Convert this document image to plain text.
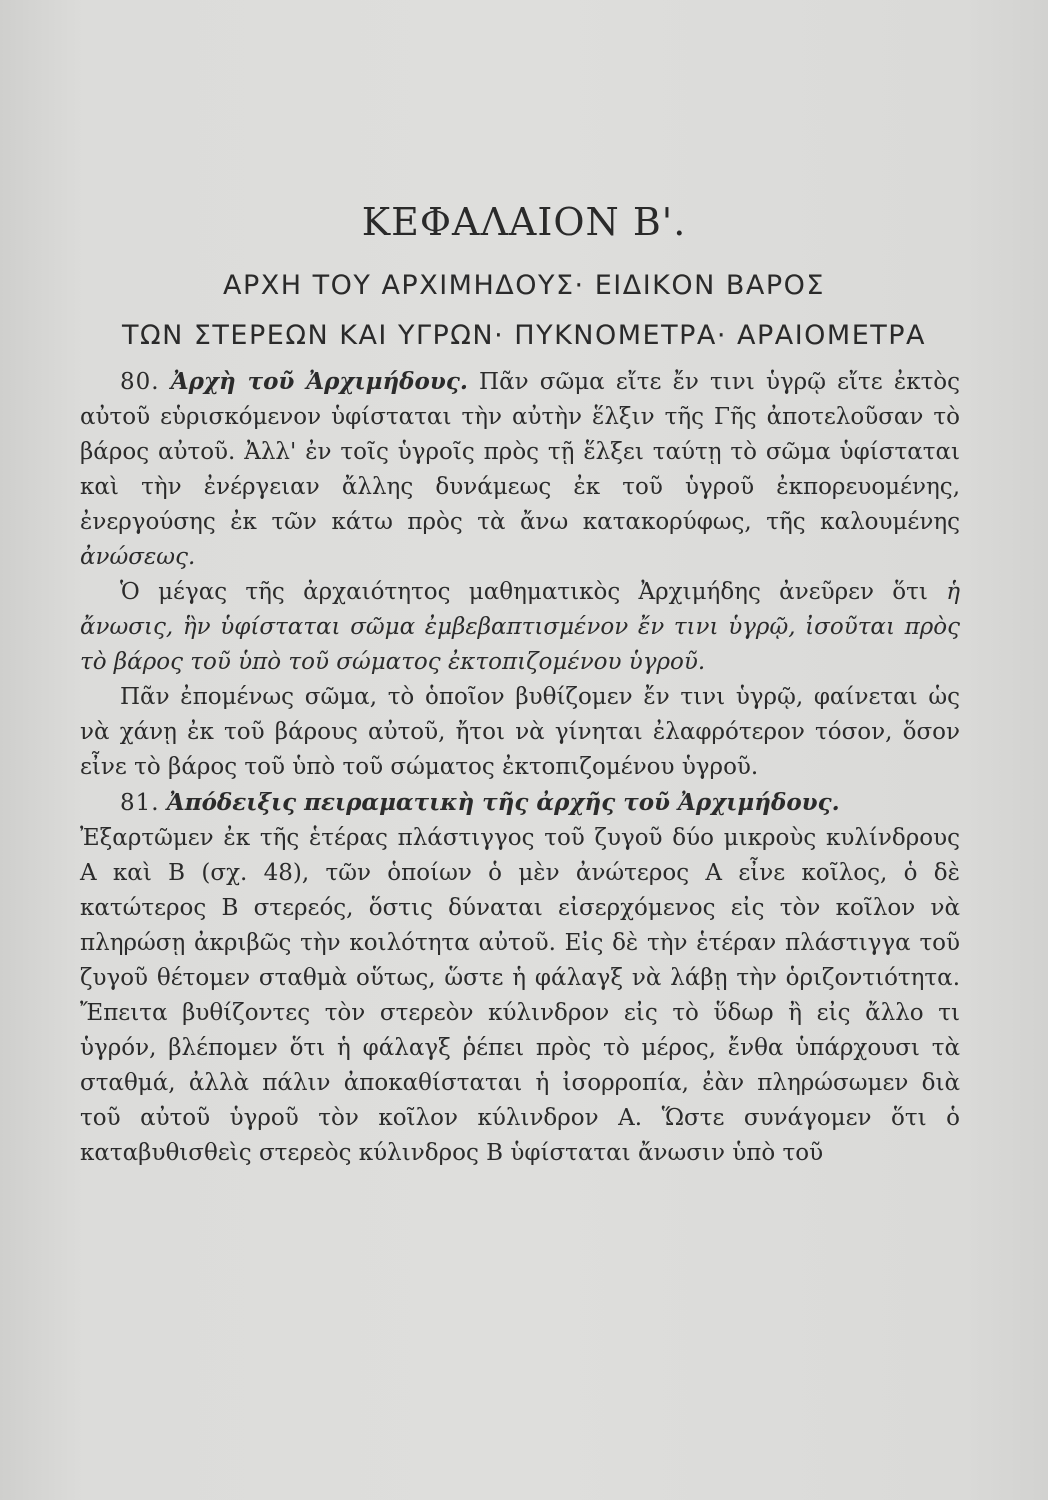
ΚΕΦΑΛΑΙΟΝ Β'.
ΑΡΧΗ ΤΟΥ ΑΡΧΙΜΗΔΟΥΣ· ΕΙΔΙΚΟΝ ΒΑΡΟΣ
ΤΩΝ ΣΤΕΡΕΩΝ ΚΑΙ ΥΓΡΩΝ· ΠΥΚΝΟΜΕΤΡΑ· ΑΡΑΙΟΜΕΤΡΑ

80. Ἀρχὴ τοῦ Ἀρχιμήδους. Πᾶν σῶμα εἴτε ἔν τινι ὑγρῷ εἴτε ἐκτὸς αὐτοῦ εὑρισκόμενον ὑφίσταται τὴν αὐτὴν ἕλξιν τῆς Γῆς ἀποτελοῦσαν τὸ βάρος αὐτοῦ. Ἀλλ' ἐν τοῖς ὑγροῖς πρὸς τῇ ἕλξει ταύτῃ τὸ σῶμα ὑφίσταται καὶ τὴν ἐνέργειαν ἄλλης δυνάμεως ἐκ τοῦ ὑγροῦ ἐκπορευομένης, ἐνεργούσης ἐκ τῶν κάτω πρὸς τὰ ἄνω κατακορύφως, τῆς καλουμένης ἀνώσεως.

Ὁ μέγας τῆς ἀρχαιότητος μαθηματικὸς Ἀρχιμήδης ἀνεῦρεν ὅτι ἡ ἄνωσις, ἣν ὑφίσταται σῶμα ἐμβεβαπτισμένον ἔν τινι ὑγρῷ, ἰσοῦται πρὸς τὸ βάρος τοῦ ὑπὸ τοῦ σώματος ἐκτοπιζομένου ὑγροῦ.

Πᾶν ἐπομένως σῶμα, τὸ ὁποῖον βυθίζομεν ἔν τινι ὑγρῷ, φαίνεται ὡς νὰ χάνῃ ἐκ τοῦ βάρους αὐτοῦ, ἤτοι νὰ γίνηται ἐλαφρότερον τόσον, ὅσον εἶνε τὸ βάρος τοῦ ὑπὸ τοῦ σώματος ἐκτοπιζομένου ὑγροῦ.

81. Ἀπόδειξις πειραματικὴ τῆς ἀρχῆς τοῦ Ἀρχιμήδους.

Ἐξαρτῶμεν ἐκ τῆς ἑτέρας πλάστιγγος τοῦ ζυγοῦ δύο μικροὺς κυλίνδρους Α καὶ Β (σχ. 48), τῶν ὁποίων ὁ μὲν ἀνώτερος Α εἶνε κοῖλος, ὁ δὲ κατώτερος Β στερεός, ὅστις δύναται εἰσερχόμενος εἰς τὸν κοῖλον νὰ πληρώσῃ ἀκριβῶς τὴν κοιλότητα αὐτοῦ. Εἰς δὲ τὴν ἑτέραν πλάστιγγα τοῦ ζυγοῦ θέτομεν σταθμὰ οὕτως, ὥστε ἡ φάλαγξ νὰ λάβῃ τὴν ὁριζοντιότητα. Ἔπειτα βυθίζοντες τὸν στερεὸν κύλινδρον εἰς τὸ ὕδωρ ἢ εἰς ἄλλο τι ὑγρόν, βλέπομεν ὅτι ἡ φάλαγξ ῥέπει πρὸς τὸ μέρος, ἔνθα ὑπάρχουσι τὰ σταθμά, ἀλλὰ πάλιν ἀποκαθίσταται ἡ ἰσορροπία, ἐὰν πληρώσωμεν διὰ τοῦ αὐτοῦ ὑγροῦ τὸν κοῖλον κύλινδρον Α. Ὥστε συνάγομεν ὅτι ὁ καταβυθισθεὶς στερεὸς κύλινδρος Β ὑφίσταται ἄνωσιν ὑπὸ τοῦ
